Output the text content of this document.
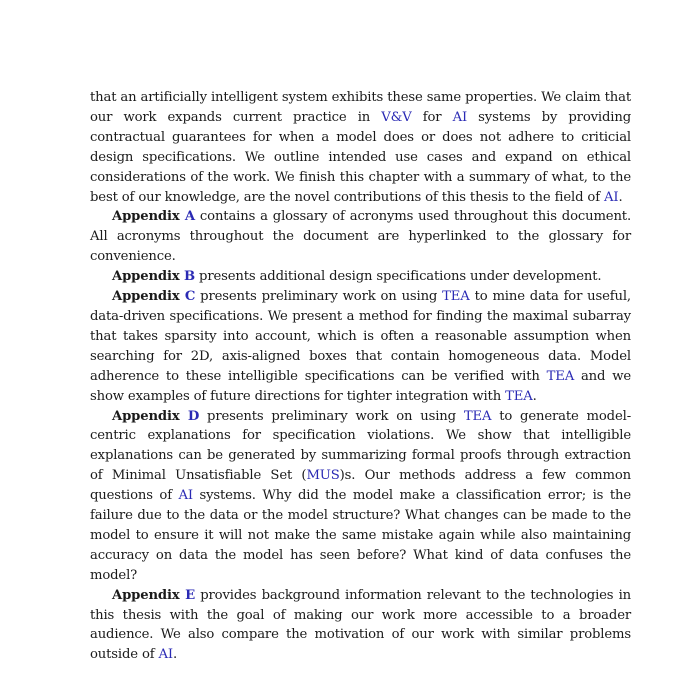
that an artificially intelligent system exhibits these same properties. We claim that our work expands current practice in V&V for AI systems by providing contractual guarantees for when a model does or does not adhere to criticial design specifications. We outline intended use cases and expand on ethical considerations of the work. We finish this chapter with a summary of what, to the best of our knowledge, are the novel contributions of this thesis to the field of AI.

Appendix A contains a glossary of acronyms used throughout this document. All acronyms throughout the document are hyperlinked to the glossary for convenience.

Appendix B presents additional design specifications under development.

Appendix C presents preliminary work on using TEA to mine data for useful, data-driven specifications. We present a method for finding the maximal subarray that takes sparsity into account, which is often a reasonable assumption when searching for 2D, axis-aligned boxes that contain homogeneous data. Model adherence to these intelligible specifications can be verified with TEA and we show examples of future directions for tighter integration with TEA.

Appendix D presents preliminary work on using TEA to generate model-centric explanations for specification violations. We show that intelligible explanations can be generated by summarizing formal proofs through extraction of Minimal Unsatisfiable Set (MUS)s. Our methods address a few common questions of AI systems. Why did the model make a classification error; is the failure due to the data or the model structure? What changes can be made to the model to ensure it will not make the same mistake again while also maintaining accuracy on data the model has seen before? What kind of data confuses the model?

Appendix E provides background information relevant to the technologies in this thesis with the goal of making our work more accessible to a broader audience. We also compare the motivation of our work with similar problems outside of AI.
